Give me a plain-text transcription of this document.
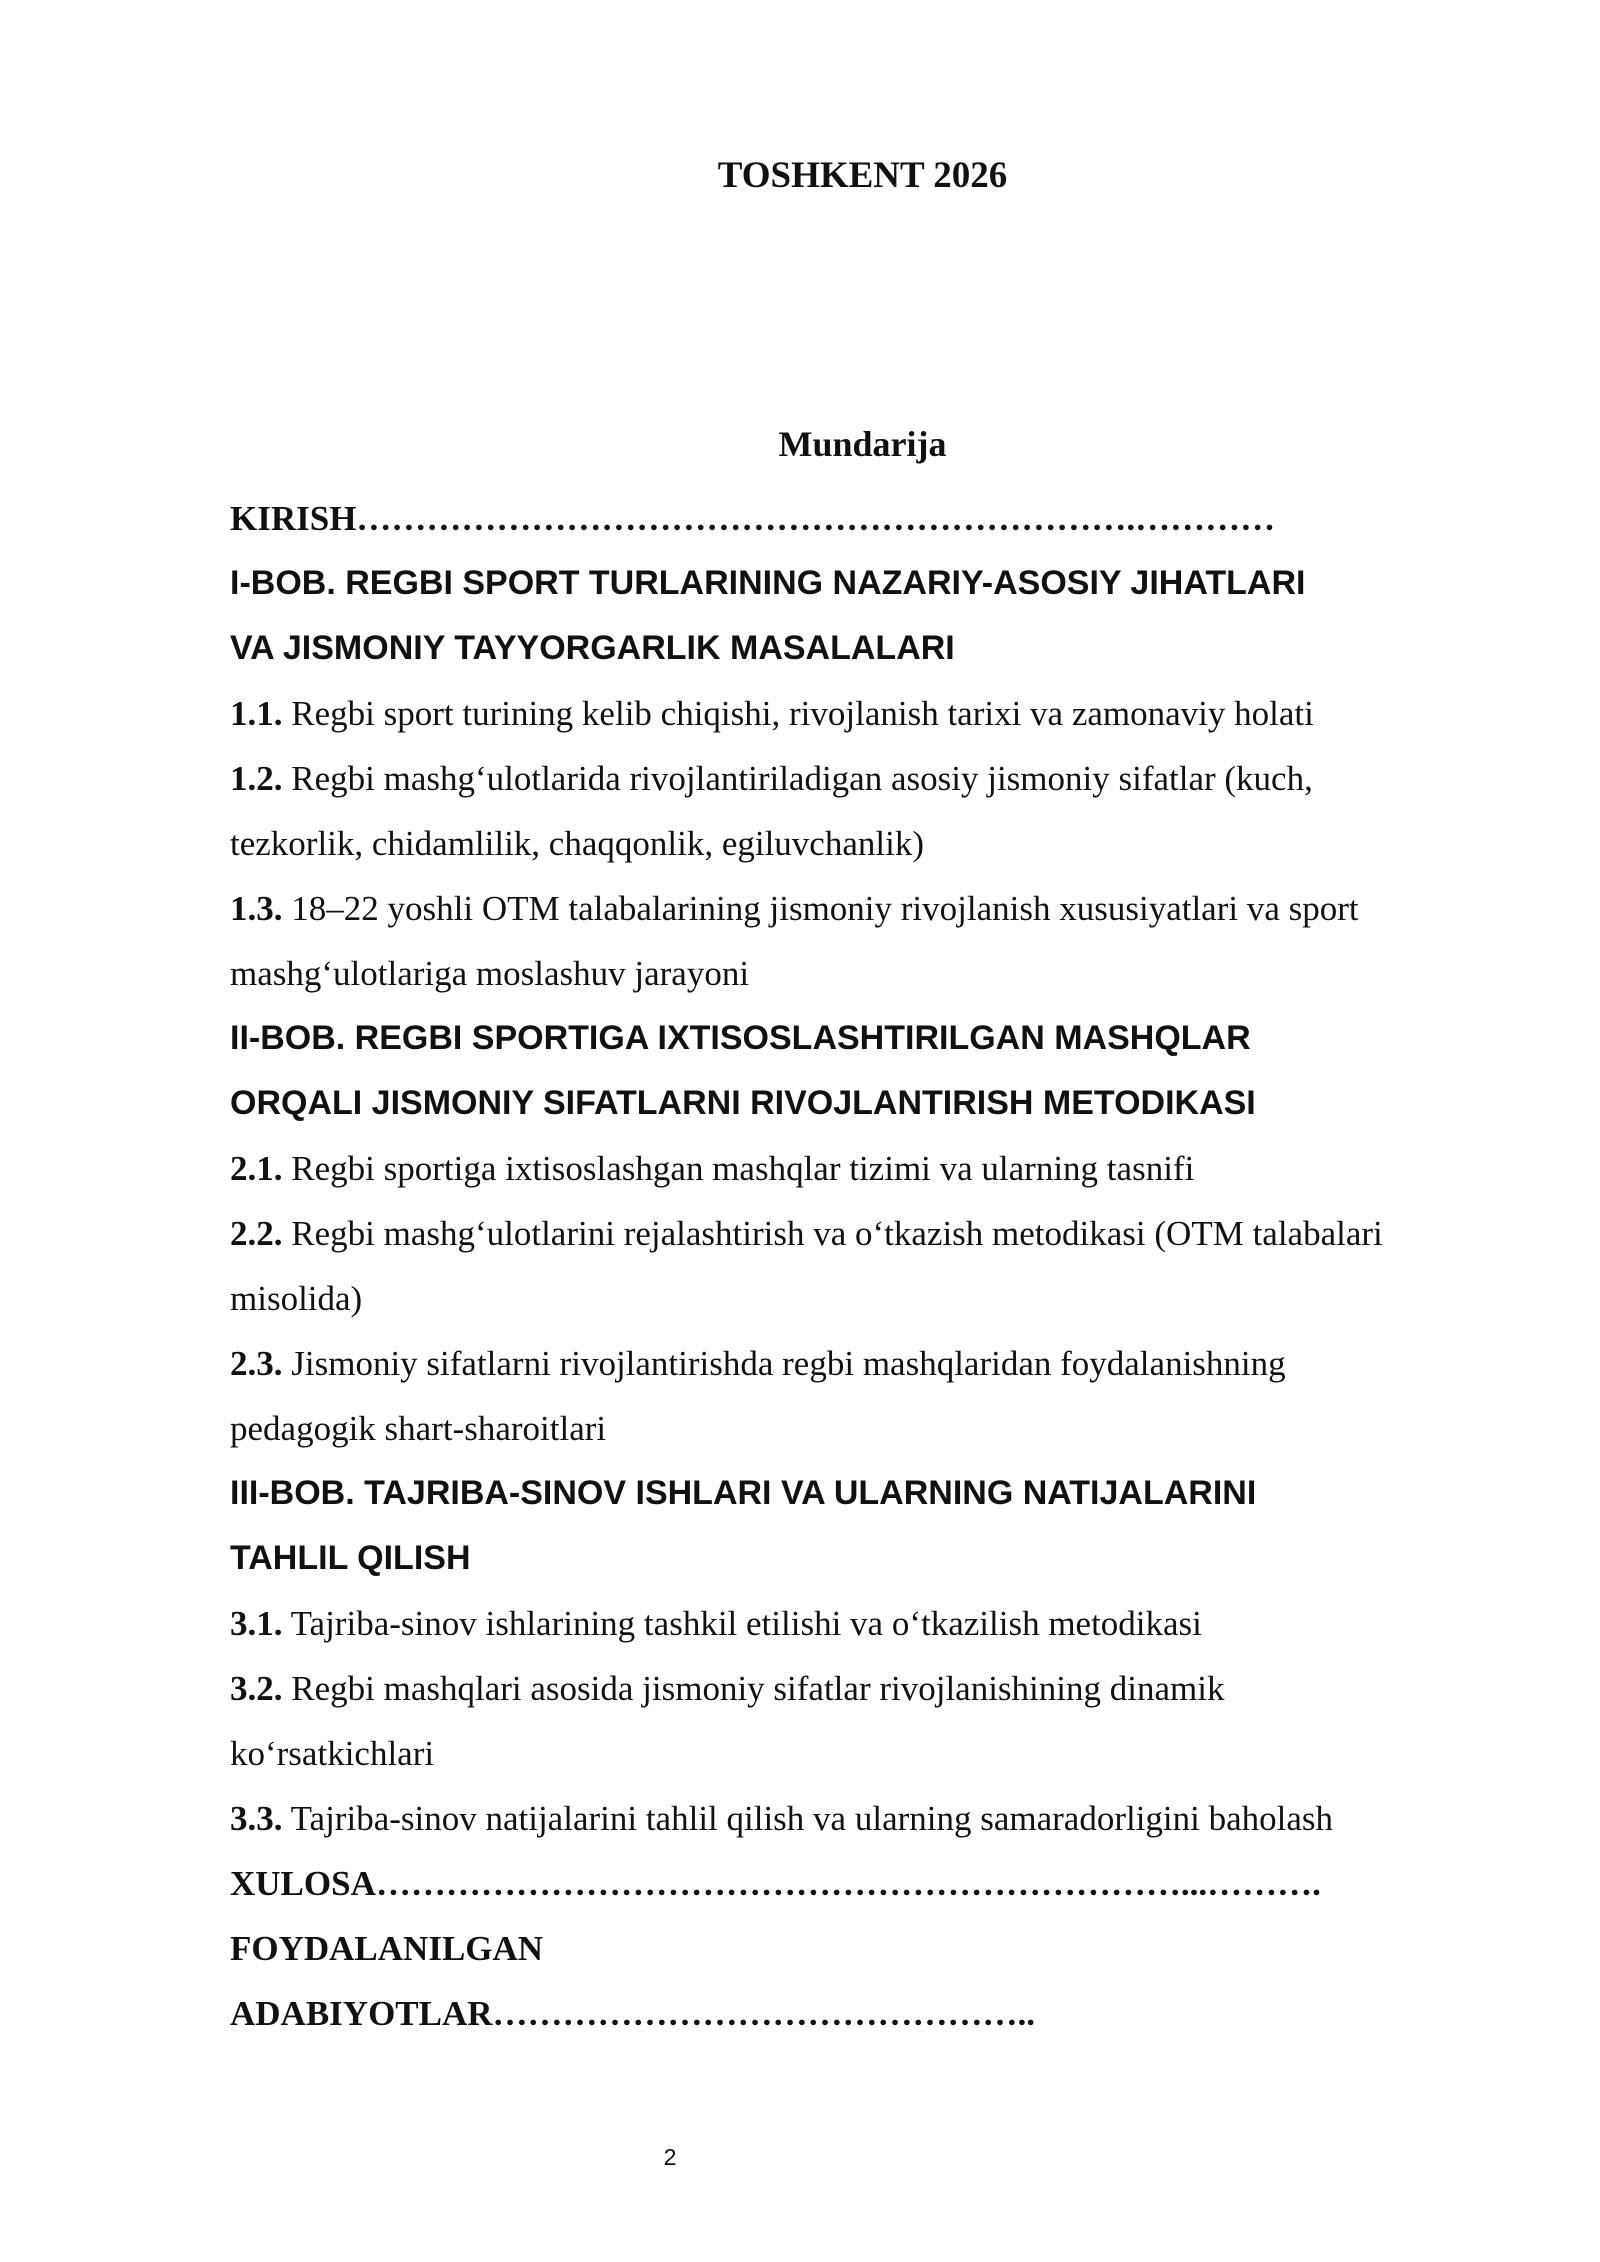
TOSHKENT 2026

Mundarija

KIRISH………………………………………………………….…………
I-BOB. REGBI SPORT TURLARINING NAZARIY-ASOSIY JIHATLARI
VA JISMONIY TAYYORGARLIK MASALALARI
1.1. Regbi sport turining kelib chiqishi, rivojlanish tarixi va zamonaviy holati
1.2. Regbi mashg‘ulotlarida rivojlantiriladigan asosiy jismoniy sifatlar (kuch,
tezkorlik, chidamlilik, chaqqonlik, egiluvchanlik)
1.3. 18–22 yoshli OTM talabalarining jismoniy rivojlanish xususiyatlari va sport
mashg‘ulotlariga moslashuv jarayoni
II-BOB. REGBI SPORTIGA IXTISOSLASHTIRILGAN MASHQLAR
ORQALI JISMONIY SIFATLARNI RIVOJLANTIRISH METODIKASI
2.1. Regbi sportiga ixtisoslashgan mashqlar tizimi va ularning tasnifi
2.2. Regbi mashg‘ulotlarini rejalashtirish va o‘tkazish metodikasi (OTM talabalari
misolida)
2.3. Jismoniy sifatlarni rivojlantirishda regbi mashqlaridan foydalanishning
pedagogik shart-sharoitlari
III-BOB. TAJRIBA-SINOV ISHLARI VA ULARNING NATIJALARINI
TAHLIL QILISH
3.1. Tajriba-sinov ishlarining tashkil etilishi va o‘tkazilish metodikasi
3.2. Regbi mashqlari asosida jismoniy sifatlar rivojlanishining dinamik
ko‘rsatkichlari
3.3. Tajriba-sinov natijalarini tahlil qilish va ularning samaradorligini baholash
XULOSA……………………………………………………………...……….
FOYDALANILGAN
ADABIYOTLAR………………………………………..

2
